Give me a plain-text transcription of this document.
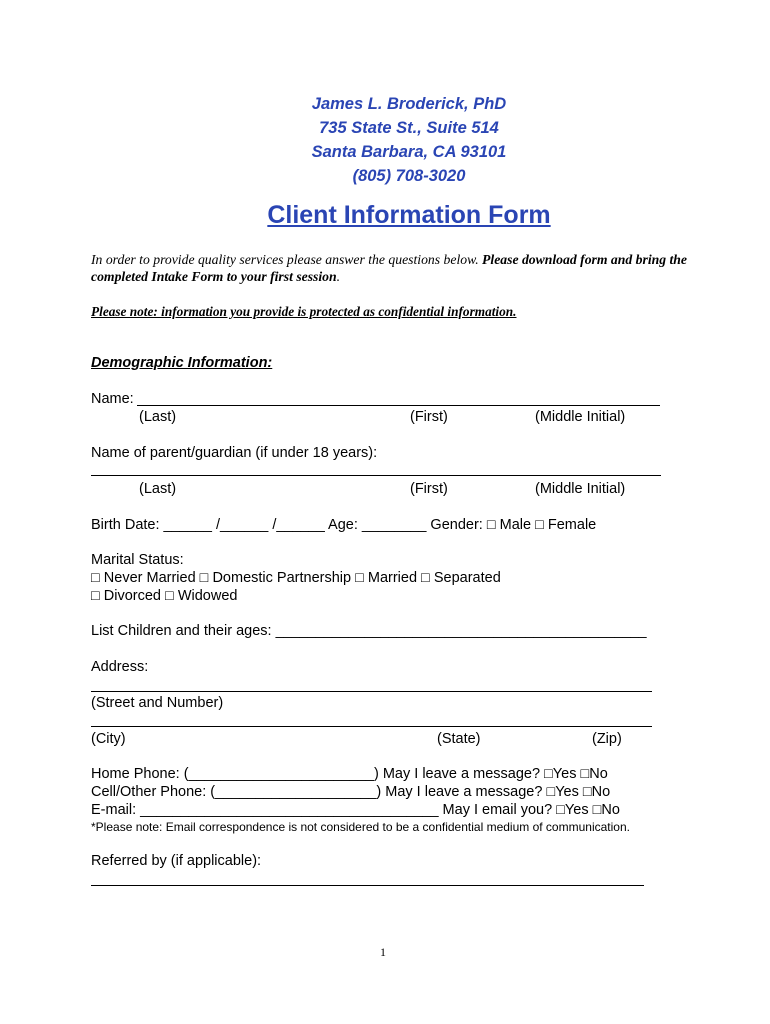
James L. Broderick, PhD
735 State St., Suite 514
Santa Barbara, CA 93101
(805) 708-3020
Client Information Form
In order to provide quality services please answer the questions below. Please download form and bring the completed Intake Form to your first session.
Please note: information you provide is protected as confidential information.
Demographic Information:
Name:
(Last)	(First)	(Middle Initial)
Name of parent/guardian (if under 18 years):
(Last)	(First)	(Middle Initial)
Birth Date: ______ /______ /______ Age: ________ Gender: □ Male □ Female
Marital Status:
□ Never Married □ Domestic Partnership □ Married □ Separated
□ Divorced □ Widowed
List Children and their ages: ______________________________________________
Address:
(Street and Number)
(City)	(State)	(Zip)
Home Phone: (_______________________) May I leave a message? □Yes □No
Cell/Other Phone: (____________________) May I leave a message? □Yes □No
E-mail: _____________________________________ May I email you? □Yes □No
*Please note: Email correspondence is not considered to be a confidential medium of communication.
Referred by (if applicable):
1
